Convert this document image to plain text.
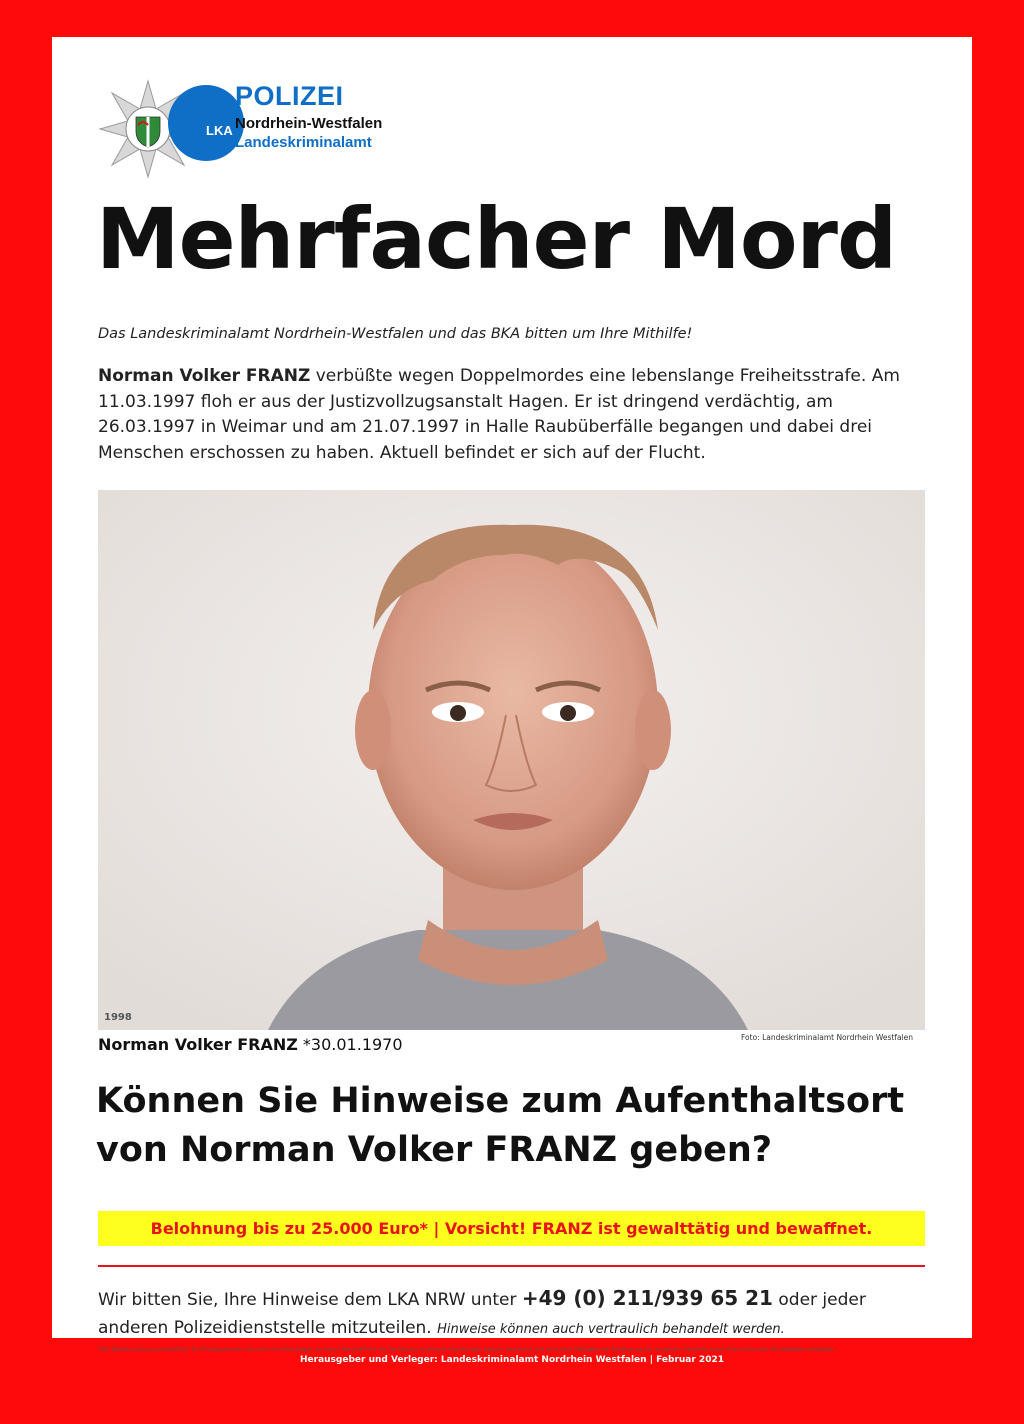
LKA
POLIZEI
Nordrhein-Westfalen
Landeskriminalamt
Mehrfacher Mord
Das Landeskriminalamt Nordrhein-Westfalen und das BKA bitten um Ihre Mithilfe!
Norman Volker FRANZ verbüßte wegen Doppelmordes eine lebenslange Freiheitsstrafe. Am 11.03.1997 floh er aus der Justizvollzugsanstalt Hagen. Er ist dringend verdächtig, am 26.03.1997 in Weimar und am 21.07.1997 in Halle Raubüberfälle begangen und dabei drei Menschen erschossen zu haben. Aktuell befindet er sich auf der Flucht.
1998
Norman Volker FRANZ *30.01.1970	Foto: Landeskriminalamt Nordrhein Westfalen
Können Sie Hinweise zum Aufenthaltsort von Norman Volker FRANZ geben?
Belohnung bis zu 25.000 Euro* | Vorsicht! FRANZ ist gewalttätig und bewaffnet.
Wir bitten Sie, Ihre Hinweise dem LKA NRW unter +49 (0) 211/939 65 21 oder jeder anderen Polizeidienststelle mitzuteilen. Hinweise können auch vertraulich behandelt werden.
*Die Belohnung ist ausschließlich für Privatpersonen und nicht für Amtsträger, zu deren Berufspflicht die Verfolgung strafbarer Handlungen gehört, bestimmt und wird nach Maßgabe der Bedeutung der einzelnen Hinweise unter Ausschluss des Rechtsweges vergeben.
Herausgeber und Verleger: Landeskriminalamt Nordrhein Westfalen | Februar 2021
